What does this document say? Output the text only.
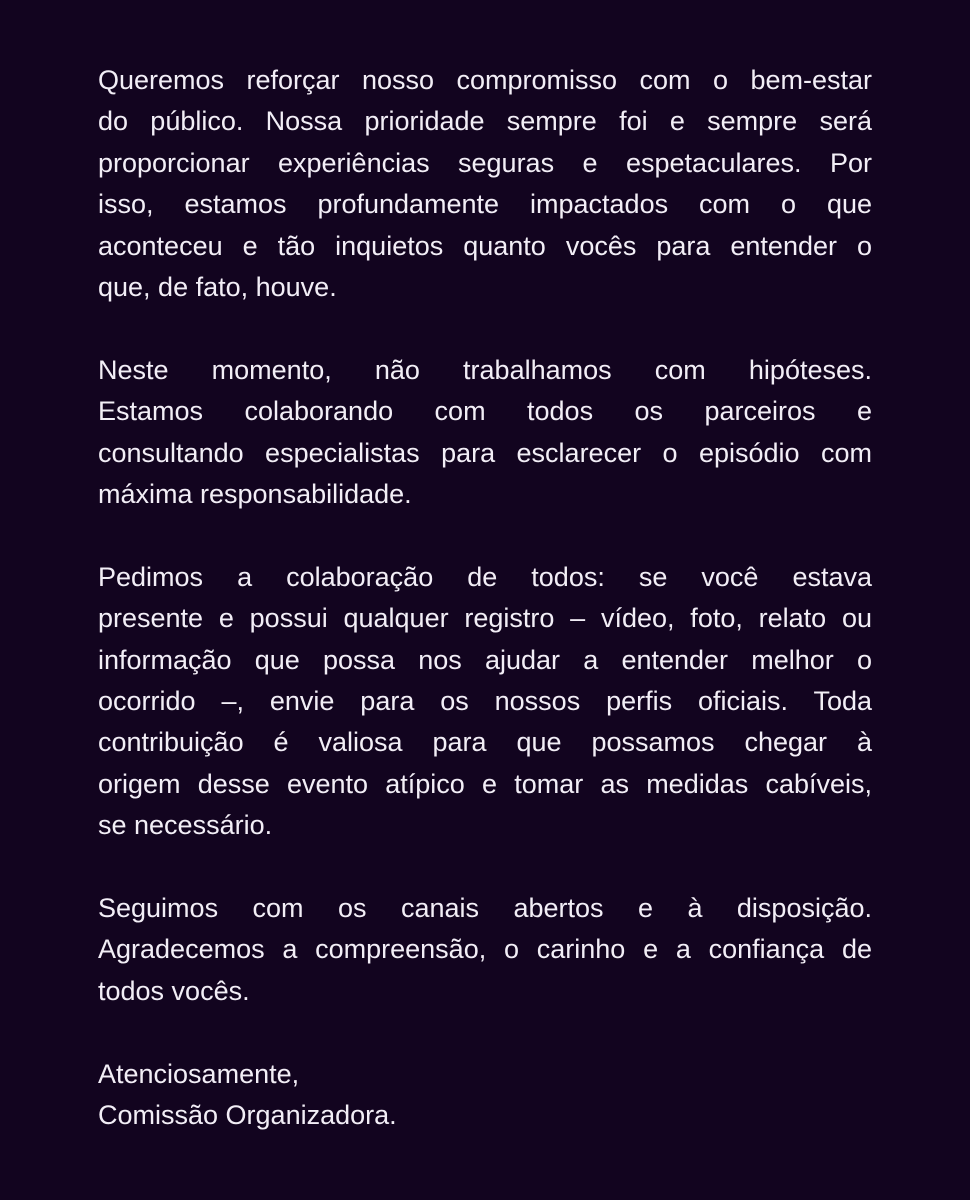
Queremos reforçar nosso compromisso com o bem-estar
do público. Nossa prioridade sempre foi e sempre será
proporcionar experiências seguras e espetaculares. Por
isso, estamos profundamente impactados com o que
aconteceu e tão inquietos quanto vocês para entender o
que, de fato, houve.

Neste momento, não trabalhamos com hipóteses.
Estamos colaborando com todos os parceiros e
consultando especialistas para esclarecer o episódio com
máxima responsabilidade.

Pedimos a colaboração de todos: se você estava
presente e possui qualquer registro – vídeo, foto, relato ou
informação que possa nos ajudar a entender melhor o
ocorrido –, envie para os nossos perfis oficiais. Toda
contribuição é valiosa para que possamos chegar à
origem desse evento atípico e tomar as medidas cabíveis,
se necessário.

Seguimos com os canais abertos e à disposição.
Agradecemos a compreensão, o carinho e a confiança de
todos vocês.

Atenciosamente,
Comissão Organizadora.
